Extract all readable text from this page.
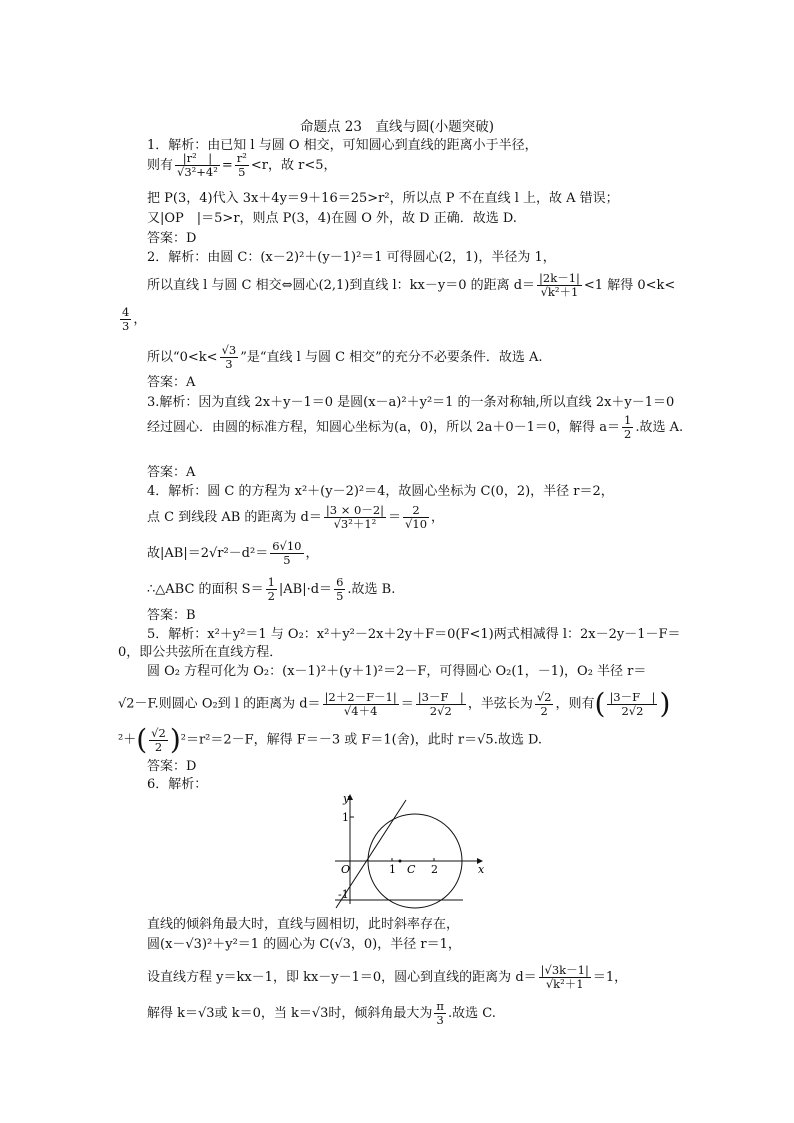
命题点 23　直线与圆(小题突破)
1．解析：由已知 l 与圆 O 相交，可知圆心到直线的距离小于半径，
则有 $\frac{\text{|r²　|}}{\text{√3²+4²}} = \frac{\text{r²}}{5} <r$，故 r<5，
把 P(3，4)代入 3x＋4y＝9＋16＝25>r²，所以点 P 不在直线 l 上，故 A 错误；
又|OP　|＝5>r，则点 P(3，4)在圆 O 外，故 D 正确．故选 D.
答案：D
2．解析：由圆 C：(x－2)²＋(y－1)²＝1 可得圆心(2，1)，半径为 1，
所以直线 l 与圆 C 相交⇔圆心(2,1)到直线 l：kx－y＝0 的距离 $d= \frac{|2k-1|}{\text{√k²＋1}} <1$ 解得 0<k<
$\frac{4}{3}$ ，
所以“$0<k< \frac{√3}{3}$ ”是“直线 l 与圆 C 相交”的充分不必要条件．故选 A.
答案：A
3.解析：因为直线 2x＋y－1＝0 是圆(x－a)²＋y²＝1 的一条对称轴,所以直线 2x＋y－1＝0
经过圆心．由圆的标准方程，知圆心坐标为(a，0)，所以 2a＋0－1＝0，解得 $a= \frac{1}{2}$ .故选 A.
答案：A
4．解析：圆 C 的方程为 x²＋(y－2)²＝4，故圆心坐标为 C(0，2)，半径 r＝2，
点 C 到线段 AB 的距离为 $d= \frac{|3 \times 0-2|}{\text{√3²＋1²}} = \frac{2}{√10}$ ，
故$|AB|=2√r^2-d^2= \frac{6√10}{5}$ ，
∴△ABC 的面积 $S= \frac{1}{2} |AB|\cdot d= \frac{6}{5}$ .故选 B.
答案：B
5．解析：x²＋y²＝1 与 O₂：x²＋y²－2x＋2y＋F＝0(F<1)两式相减得 l：2x－2y－1－F＝
0，即公共弦所在直线方程．
圆 O₂ 方程可化为 O₂：(x－1)²＋(y＋1)²＝2－F，可得圆心 O₂(1，－1)，O₂ 半径 r＝
√2－F.则圆心 O₂到 l 的距离为 $d= \frac{|2+2-F-1|}{√4+4} = \frac{|3-F |}{2√2}$ ，半弦长为 $\frac{√2}{2}$ ，则有( $\frac{|3-F |}{2√2}$ )
$^2+( \frac{√2}{2} )^2=r^2=2-F$，解得 F＝－3 或 F＝1(舍)，此时 r＝√5.故选 D.
答案：D
6．解析：
y
x
O
1
1 C 2
-1
直线的倾斜角最大时，直线与圆相切，此时斜率存在，
圆(x－√3)²＋y²＝1 的圆心为 C(√3，0)，半径 r＝1，
设直线方程 y＝kx－1，即 kx－y－1＝0，圆心到直线的距离为 $d= \frac{|√3k-1|}{\text{√k²＋1}} =1$，
解得 k＝√3或 k＝0，当 k＝√3时，倾斜角最大为 $\frac{\pi}{3}$ .故选 C.
